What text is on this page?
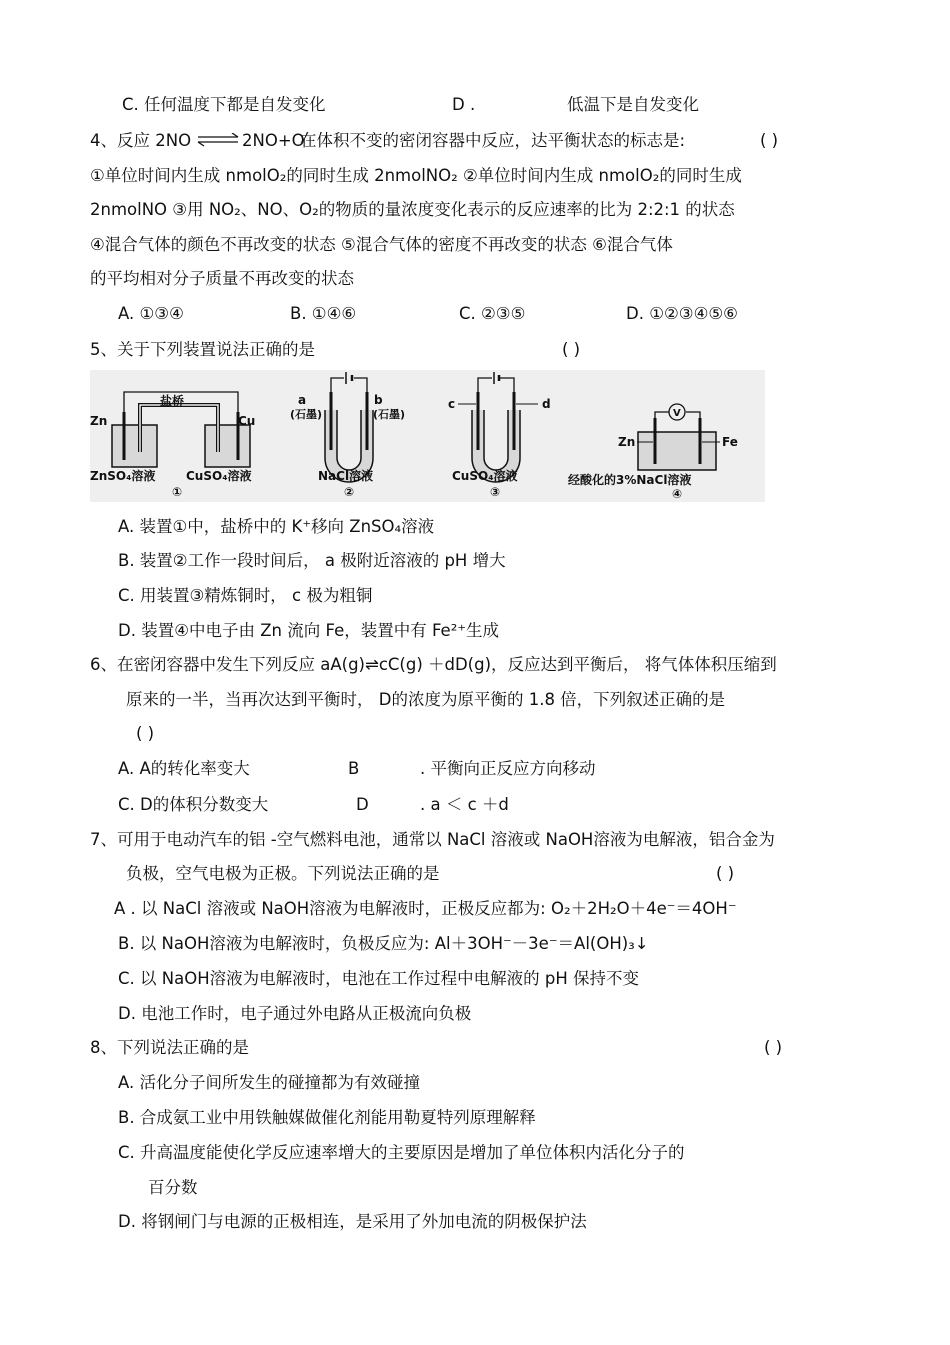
C. 任何温度下都是自发变化	D .	低温下是自发变化
4、反应 2NO ⇌ 2NO+O
在体积不变的密闭容器中反应，达平衡状态的标志是:	( )
①单位时间内生成 nmolO₂的同时生成 2nmolNO₂ ②单位时间内生成 nmolO₂的同时生成
2nmolNO ③用 NO₂、NO、O₂的物质的量浓度变化表示的反应速率的比为 2:2:1 的状态
④混合气体的颜色不再改变的状态 ⑤混合气体的密度不再改变的状态 ⑥混合气体
的平均相对分子质量不再改变的状态
A. ①③④	B. ①④⑥	C. ②③⑤	D. ①②③④⑤⑥
5、关于下列装置说法正确的是	( )
Zn
盐桥
Cu
ZnSO₄溶液	CuSO₄溶液
①
a	b
(石墨)	(石墨)
NaCl溶液
②
c	d
CuSO₄溶液
③
V
Zn	Fe
经酸化的3%NaCl溶液
④
A. 装置①中，盐桥中的 K⁺移向 ZnSO₄溶液
B. 装置②工作一段时间后， a 极附近溶液的 pH 增大
C. 用装置③精炼铜时， c 极为粗铜
D. 装置④中电子由 Zn 流向 Fe，装置中有 Fe²⁺生成
6、在密闭容器中发生下列反应 aA(g)⇌cC(g) ＋dD(g)，反应达到平衡后， 将气体体积压缩到
原来的一半，当再次达到平衡时， D的浓度为原平衡的 1.8 倍，下列叙述正确的是
( )
A. A的转化率变大	B	. 平衡向正反应方向移动
C. D的体积分数变大	D	. a ＜ c ＋d
7、可用于电动汽车的铝 -空气燃料电池，通常以 NaCl 溶液或 NaOH溶液为电解液，铝合金为
负极，空气电极为正极。下列说法正确的是	( )
A . 以 NaCl 溶液或 NaOH溶液为电解液时，正极反应都为: O₂＋2H₂O＋4e⁻＝4OH⁻
B. 以 NaOH溶液为电解液时，负极反应为: Al＋3OH⁻－3e⁻＝Al(OH)₃↓
C. 以 NaOH溶液为电解液时，电池在工作过程中电解液的 pH 保持不变
D. 电池工作时，电子通过外电路从正极流向负极
8、下列说法正确的是	( )
A. 活化分子间所发生的碰撞都为有效碰撞
B. 合成氨工业中用铁触媒做催化剂能用勒夏特列原理解释
C. 升高温度能使化学反应速率增大的主要原因是增加了单位体积内活化分子的
百分数
D. 将钢闸门与电源的正极相连，是采用了外加电流的阴极保护法
